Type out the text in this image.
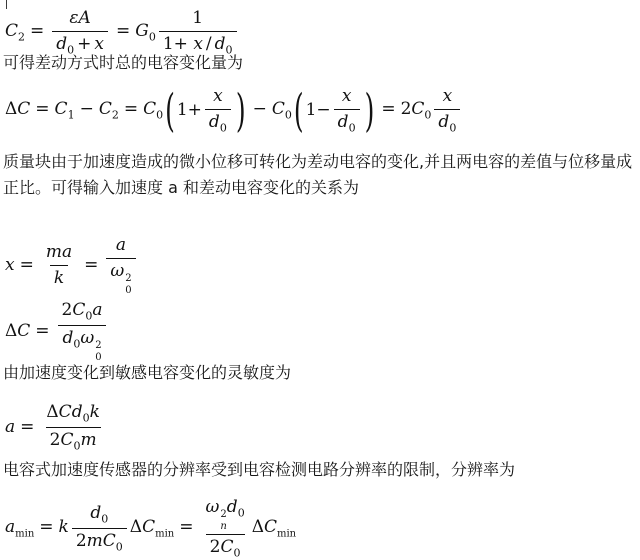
$C_2 = \frac{\varepsilon A}{d_0 + x} = G_0 \frac{1}{1+ x / d_0}$
可得差动方式时总的电容变化量为
$\Delta C = C_1 - C_2 = C_0$ ( $1+ \frac{x}{d_0}$ ) − $C_0$ ( $1- \frac{x}{d_0}$ ) = $2C_0 \frac{x}{d_0}$
质量块由于加速度造成的微小位移可转化为差动电容的变化,并且两电容的差值与位移量成
正比。可得输入加速度 a 和差动电容变化的关系为
$x = \frac{ma}{k} = a$
ω 2
0
$\Delta C = 2C_0a$
$d_0\omega$ 2
0
由加速度变化到敏感电容变化的灵敏度为
a =
ΔCd$_0$k
$2C_0m$
电容式加速度传感器的分辨率受到电容检测电路分辨率的限制，分辨率为
$a_{min} = k \frac{d_0}{2mC_0} \Delta C_{min} = \omega$ 2
n
$d_0$
$2C_0$ $\Delta C_{min}$
